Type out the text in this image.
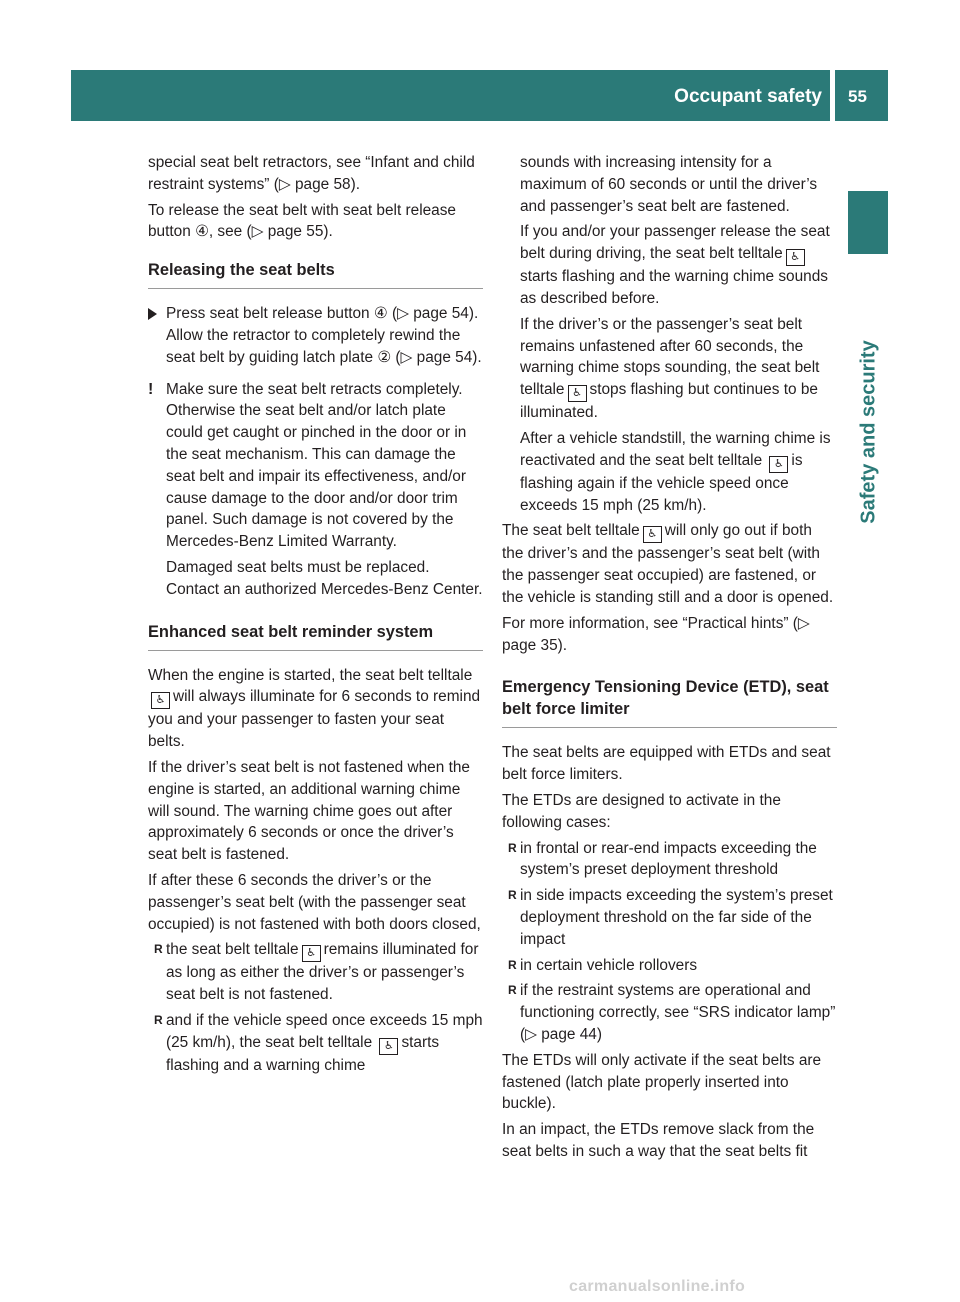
Occupant safety 55
Safety and security

special seat belt retractors, see “Infant and child restraint systems” (▷ page 58).

To release the seat belt with seat belt release button ④, see (▷ page 55).

Releasing the seat belts
Press seat belt release button ④ (▷ page 54).
Allow the retractor to completely rewind the seat belt by guiding latch plate ② (▷ page 54).
! Make sure the seat belt retracts completely. Otherwise the seat belt and/or latch plate could get caught or pinched in the door or in the seat mechanism. This can damage the seat belt and impair its effectiveness, and/or cause damage to the door and/or door trim panel. Such damage is not covered by the Mercedes-Benz Limited Warranty.

Damaged seat belts must be replaced. Contact an authorized Mercedes-Benz Center.

Enhanced seat belt reminder system

When the engine is started, the seat belt telltale♿︎ will always illuminate for 6 seconds to remind you and your passenger to fasten your seat belts.

If the driver’s seat belt is not fastened when the engine is started, an additional warning chime will sound. The warning chime goes out after approximately 6 seconds or once the driver’s seat belt is fastened.

If after these 6 seconds the driver’s or the passenger’s seat belt (with the passenger seat occupied) is not fastened with both doors closed,

R the seat belt telltale ♿︎ remains illuminated for as long as either the driver’s or passenger’s seat belt is not fastened.
R and if the vehicle speed once exceeds 15 mph (25 km/h), the seat belt telltale ♿︎ starts flashing and a warning chime

sounds with increasing intensity for a maximum of 60 seconds or until the driver’s and passenger’s seat belt are fastened.

If you and/or your passenger release the seat belt during driving, the seat belt telltale ♿︎starts flashing and the warning chime sounds as described before.

If the driver’s or the passenger’s seat belt remains unfastened after 60 seconds, the warning chime stops sounding, the seat belt telltale ♿︎ stops flashing but continues to be illuminated.

After a vehicle standstill, the warning chime is reactivated and the seat belt telltale ♿︎ is flashing again if the vehicle speed once exceeds 15 mph (25 km/h).

The seat belt telltale ♿︎ will only go out if both the driver’s and the passenger’s seat belt (with the passenger seat occupied) are fastened, or the vehicle is standing still and a door is opened.

For more information, see “Practical hints” (▷ page 35).

Emergency Tensioning Device (ETD), seat belt force limiter

The seat belts are equipped with ETDs and seat belt force limiters.

The ETDs are designed to activate in the following cases:

R in frontal or rear-end impacts exceeding the system’s preset deployment threshold
R in side impacts exceeding the system’s preset deployment threshold on the far side of the impact
R in certain vehicle rollovers
R if the restraint systems are operational and functioning correctly, see “SRS indicator lamp” (▷ page 44)

The ETDs will only activate if the seat belts are fastened (latch plate properly inserted into buckle).

In an impact, the ETDs remove slack from the seat belts in such a way that the seat belts fit

carmanualsonline.info
